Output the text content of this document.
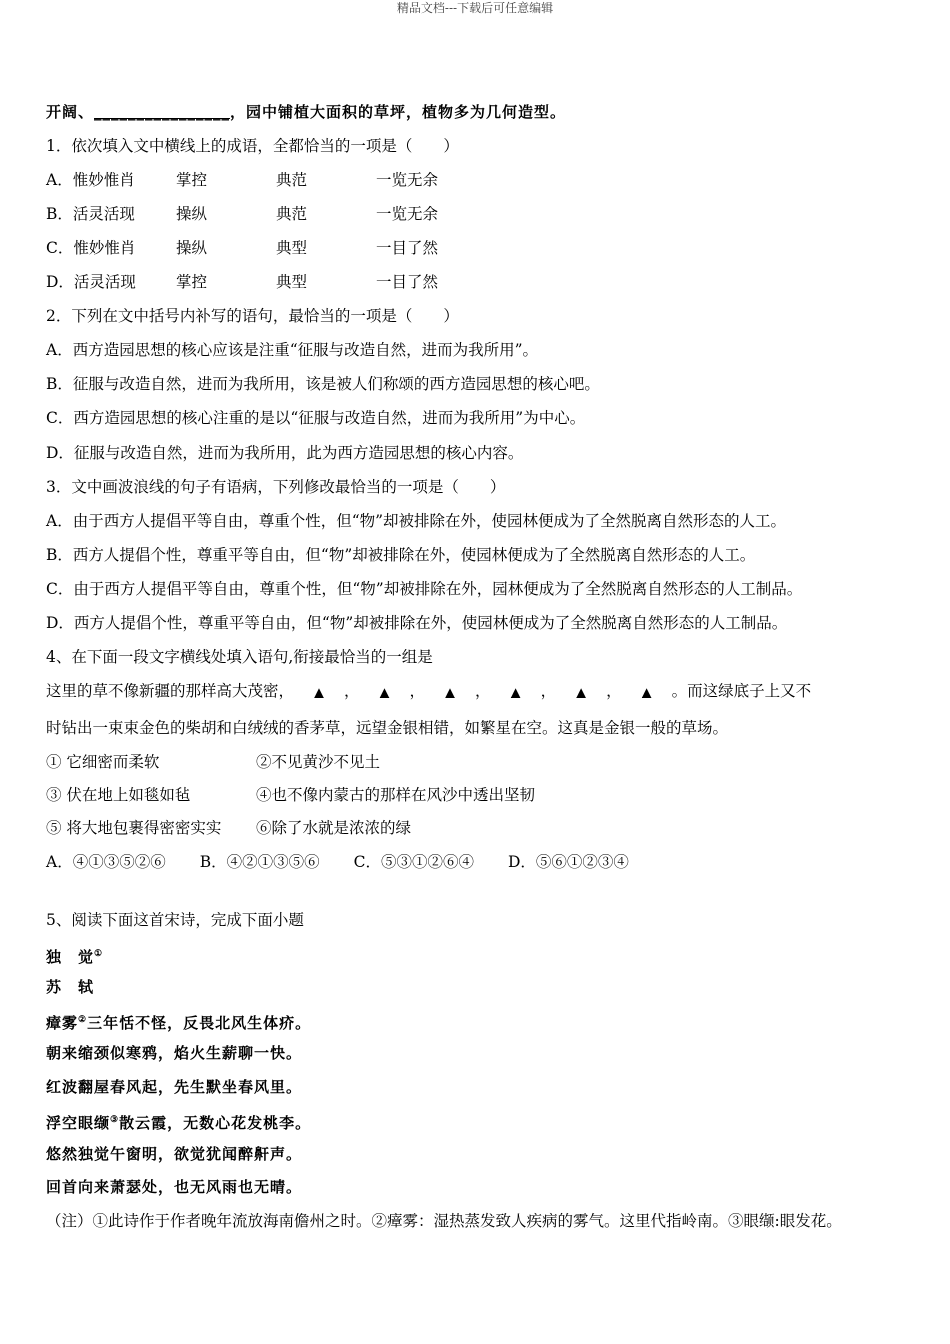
精品文档---下载后可任意编辑
开阔、________________，园中铺植大面积的草坪，植物多为几何造型。
1．依次填入文中横线上的成语，全都恰当的一项是（　　）
A．惟妙惟肖	掌控	典范	一览无余
B．活灵活现	操纵	典范	一览无余
C．惟妙惟肖	操纵	典型	一目了然
D．活灵活现	掌控	典型	一目了然
2．下列在文中括号内补写的语句，最恰当的一项是（　　）
A．西方造园思想的核心应该是注重“征服与改造自然，进而为我所用”。
B．征服与改造自然，进而为我所用，该是被人们称颂的西方造园思想的核心吧。
C．西方造园思想的核心注重的是以“征服与改造自然，进而为我所用”为中心。
D．征服与改造自然，进而为我所用，此为西方造园思想的核心内容。
3．文中画波浪线的句子有语病，下列修改最恰当的一项是（　　）
A．由于西方人提倡平等自由，尊重个性，但“物”却被排除在外，使园林便成为了全然脱离自然形态的人工。
B．西方人提倡个性，尊重平等自由，但“物”却被排除在外，使园林便成为了全然脱离自然形态的人工。
C．由于西方人提倡平等自由，尊重个性，但“物”却被排除在外，园林便成为了全然脱离自然形态的人工制品。
D．西方人提倡个性，尊重平等自由，但“物”却被排除在外，使园林便成为了全然脱离自然形态的人工制品。
4、在下面一段文字横线处填入语句,衔接最恰当的一组是
这里的草不像新疆的那样高大茂密， ▲ ， ▲ ， ▲ ， ▲ ， ▲ ， ▲ 。而这绿底子上又不
时钻出一束束金色的柴胡和白绒绒的香茅草，远望金银相错，如繁星在空。这真是金银一般的草场。
① 它细密而柔软	②不见黄沙不见土
③ 伏在地上如毯如毡	④也不像内蒙古的那样在风沙中透出坚韧
⑤ 将大地包裹得密密实实 ⑥除了水就是浓浓的绿
A．④①③⑤②⑥ B．④②①③⑤⑥ C．⑤③①②⑥④ D．⑤⑥①②③④
5、阅读下面这首宋诗，完成下面小题
独　觉①
苏　轼
瘴雾②三年恬不怪，反畏北风生体疥。
朝来缩颈似寒鸦，焰火生薪聊一快。
红波翻屋春风起，先生默坐春风里。
浮空眼缬③散云霞，无数心花发桃李。
悠然独觉午窗明，欲觉犹闻醉鼾声。
回首向来萧瑟处，也无风雨也无晴。
（注）①此诗作于作者晚年流放海南儋州之时。②瘴雾：湿热蒸发致人疾病的雾气。这里代指岭南。③眼缬:眼发花。
